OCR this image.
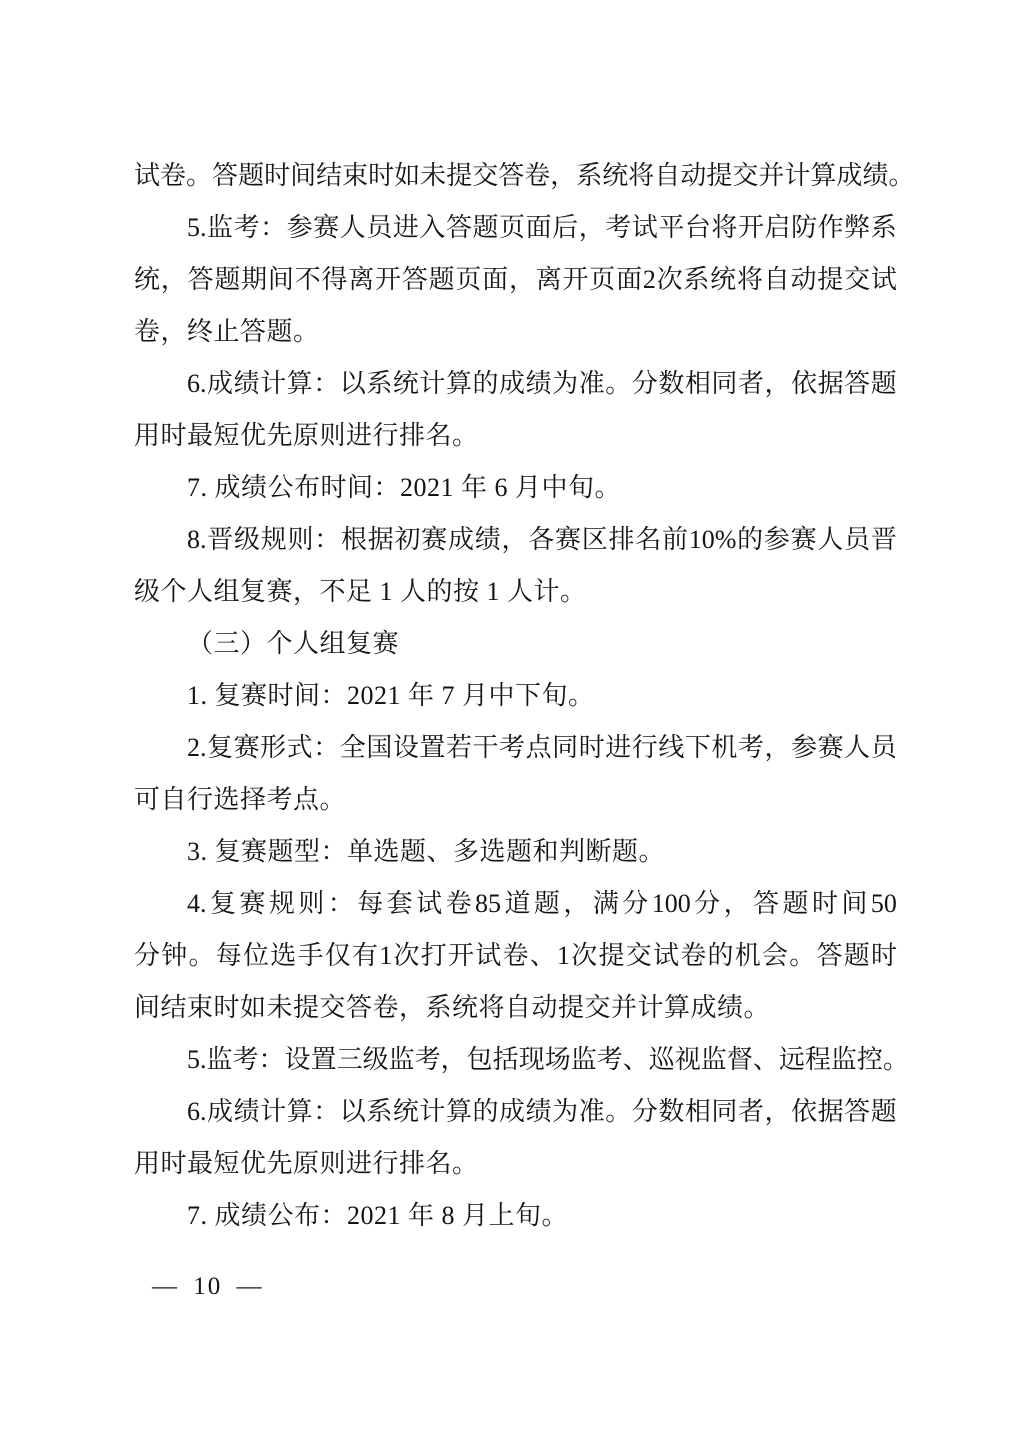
试 卷 。 答 题 时 间 结 束 时 如 未 提 交 答 卷 ， 系 统 将 自 动 提 交 并 计 算 成 绩 。
5. 监 考 ： 参 赛 人 员 进 入 答 题 页 面 后 ， 考 试 平 台 将 开 启 防 作 弊 系
统 ， 答 题 期 间 不 得 离 开 答 题 页 面 ， 离 开 页 面 2 次 系 统 将 自 动 提 交 试
卷，终止答题。
6. 成 绩 计 算 ： 以 系 统 计 算 的 成 绩 为 准 。 分 数 相 同 者 ， 依 据 答 题
用时最短优先原则进行排名。
7. 成绩公布时间：2021 年 6 月中旬。
8. 晋 级 规 则 ： 根 据 初 赛 成 绩 ， 各 赛 区 排 名 前 10% 的 参 赛 人 员 晋
级个人组复赛，不足 1 人的按 1 人计。
（三）个人组复赛
1. 复赛时间：2021 年 7 月中下旬。
2. 复 赛 形 式 ： 全 国 设 置 若 干 考 点 同 时 进 行 线 下 机 考 ， 参 赛 人 员
可自行选择考点。
3. 复赛题型：单选题、多选题和判断题。
4. 复 赛 规 则 ： 每 套 试 卷 85 道 题 ， 满 分 100 分 ， 答 题 时 间 50
分 钟 。 每 位 选 手 仅 有 1 次 打 开 试 卷 、 1 次 提 交 试 卷 的 机 会 。 答 题 时
间结束时如未提交答卷，系统将自动提交并计算成绩。
5. 监 考 ： 设 置 三 级 监 考 ， 包 括 现 场 监 考 、 巡 视 监 督 、 远 程 监 控 。
6. 成 绩 计 算 ： 以 系 统 计 算 的 成 绩 为 准 。 分 数 相 同 者 ， 依 据 答 题
用时最短优先原则进行排名。
7. 成绩公布：2021 年 8 月上旬。
— 10 —
